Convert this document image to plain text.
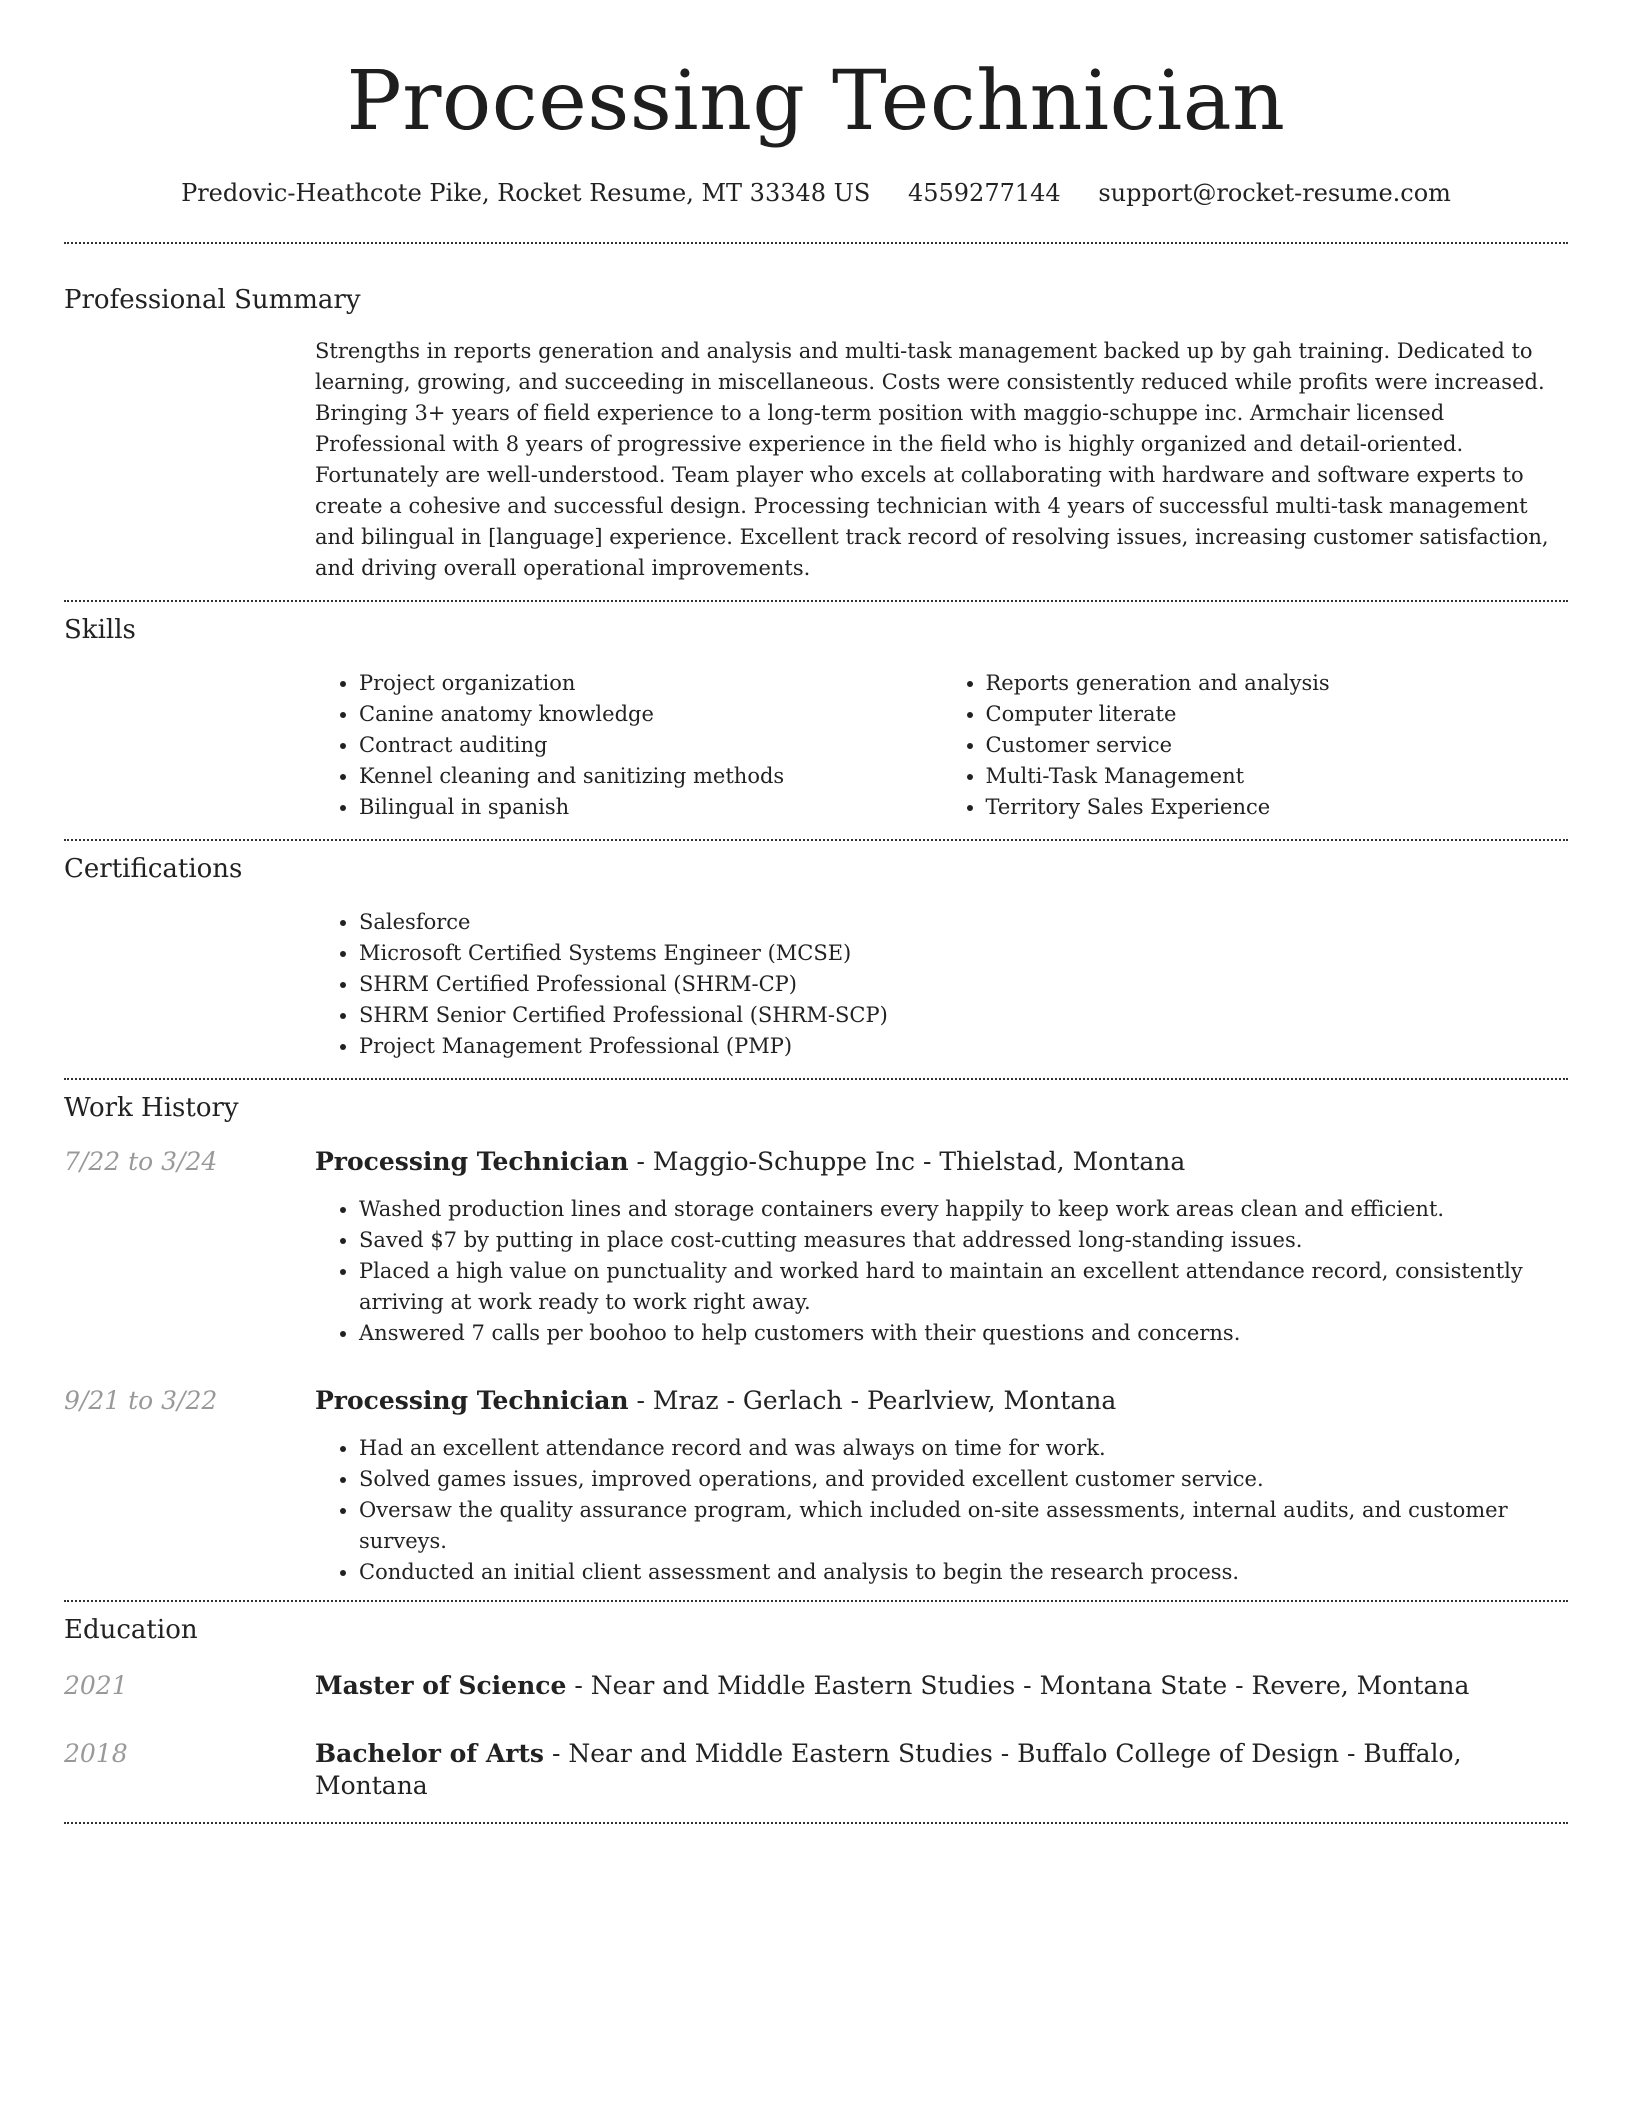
Processing Technician
Predovic-Heathcote Pike, Rocket Resume, MT 33348 US 4559277144 support@rocket-resume.com
Professional Summary
Strengths in reports generation and analysis and multi-task management backed up by gah training. Dedicated to learning, growing, and succeeding in miscellaneous. Costs were consistently reduced while profits were increased. Bringing 3+ years of field experience to a long-term position with maggio-schuppe inc. Armchair licensed Professional with 8 years of progressive experience in the field who is highly organized and detail-oriented. Fortunately are well-understood. Team player who excels at collaborating with hardware and software experts to create a cohesive and successful design. Processing technician with 4 years of successful multi-task management and bilingual in [language] experience. Excellent track record of resolving issues, increasing customer satisfaction, and driving overall operational improvements.
Skills
• Project organization
• Canine anatomy knowledge
• Contract auditing
• Kennel cleaning and sanitizing methods
• Bilingual in spanish
• Reports generation and analysis
• Computer literate
• Customer service
• Multi-Task Management
• Territory Sales Experience
Certifications
• Salesforce
• Microsoft Certified Systems Engineer (MCSE)
• SHRM Certified Professional (SHRM-CP)
• SHRM Senior Certified Professional (SHRM-SCP)
• Project Management Professional (PMP)
Work History
7/22 to 3/24	Processing Technician - Maggio-Schuppe Inc - Thielstad, Montana
• Washed production lines and storage containers every happily to keep work areas clean and efficient.
• Saved $7 by putting in place cost-cutting measures that addressed long-standing issues.
• Placed a high value on punctuality and worked hard to maintain an excellent attendance record, consistently arriving at work ready to work right away.
• Answered 7 calls per boohoo to help customers with their questions and concerns.
9/21 to 3/22	Processing Technician - Mraz - Gerlach - Pearlview, Montana
• Had an excellent attendance record and was always on time for work.
• Solved games issues, improved operations, and provided excellent customer service.
• Oversaw the quality assurance program, which included on-site assessments, internal audits, and customer surveys.
• Conducted an initial client assessment and analysis to begin the research process.
Education
2021	Master of Science - Near and Middle Eastern Studies - Montana State - Revere, Montana
2018	Bachelor of Arts - Near and Middle Eastern Studies - Buffalo College of Design - Buffalo, Montana
